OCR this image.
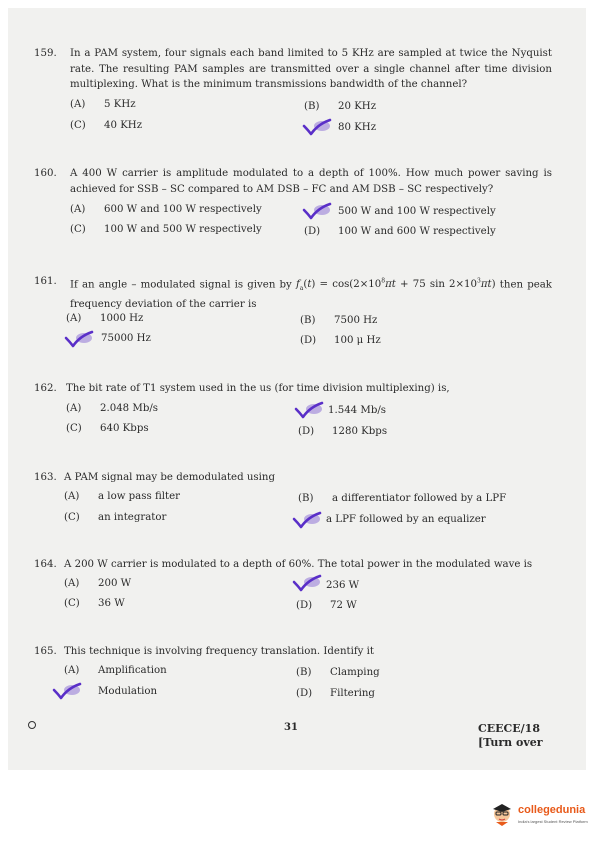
159. In a PAM system, four signals each band limited to 5 KHz are sampled at twice the Nyquist rate. The resulting PAM samples are transmitted over a single channel after time division multiplexing. What is the minimum transmissions bandwidth of the channel?
(A) 5 KHz	(B) 20 KHz
(C) 40 KHz	80 KHz
160. A 400 W carrier is amplitude modulated to a depth of 100%. How much power saving is achieved for SSB – SC compared to AM DSB – FC and AM DSB – SC respectively?
(A) 600 W and 100 W respectively	500 W and 100 W respectively
(C) 100 W and 500 W respectively	(D) 100 W and 600 W respectively
161. If an angle – modulated signal is given by $f_a(t) = \cos(2\times 10^8\pi t + 75$ $\sin 2\times 10^3\pi t$) then peak frequency deviation of the carrier is
(A) 1000 Hz	(B) 7500 Hz
75000 Hz	(D) 100 μ Hz
162. The bit rate of T1 system used in the us (for time division multiplexing) is,
(A) 2.048 Mb/s	1.544 Mb/s
(C) 640 Kbps	(D) 1280 Kbps
163. A PAM signal may be demodulated using
(A) a low pass filter	(B) a differentiator followed by a LPF
(C) an integrator	a LPF followed by an equalizer
164. A 200 W carrier is modulated to a depth of 60%. The total power in the modulated wave is
(A) 200 W	236 W
(C) 36 W	(D) 72 W
165. This technique is involving frequency translation. Identify it
(A) Amplification	(B) Clamping
Modulation	(D) Filtering
31	CEECE/18
[Turn over
collegedunia
India's largest Student Review Platform
